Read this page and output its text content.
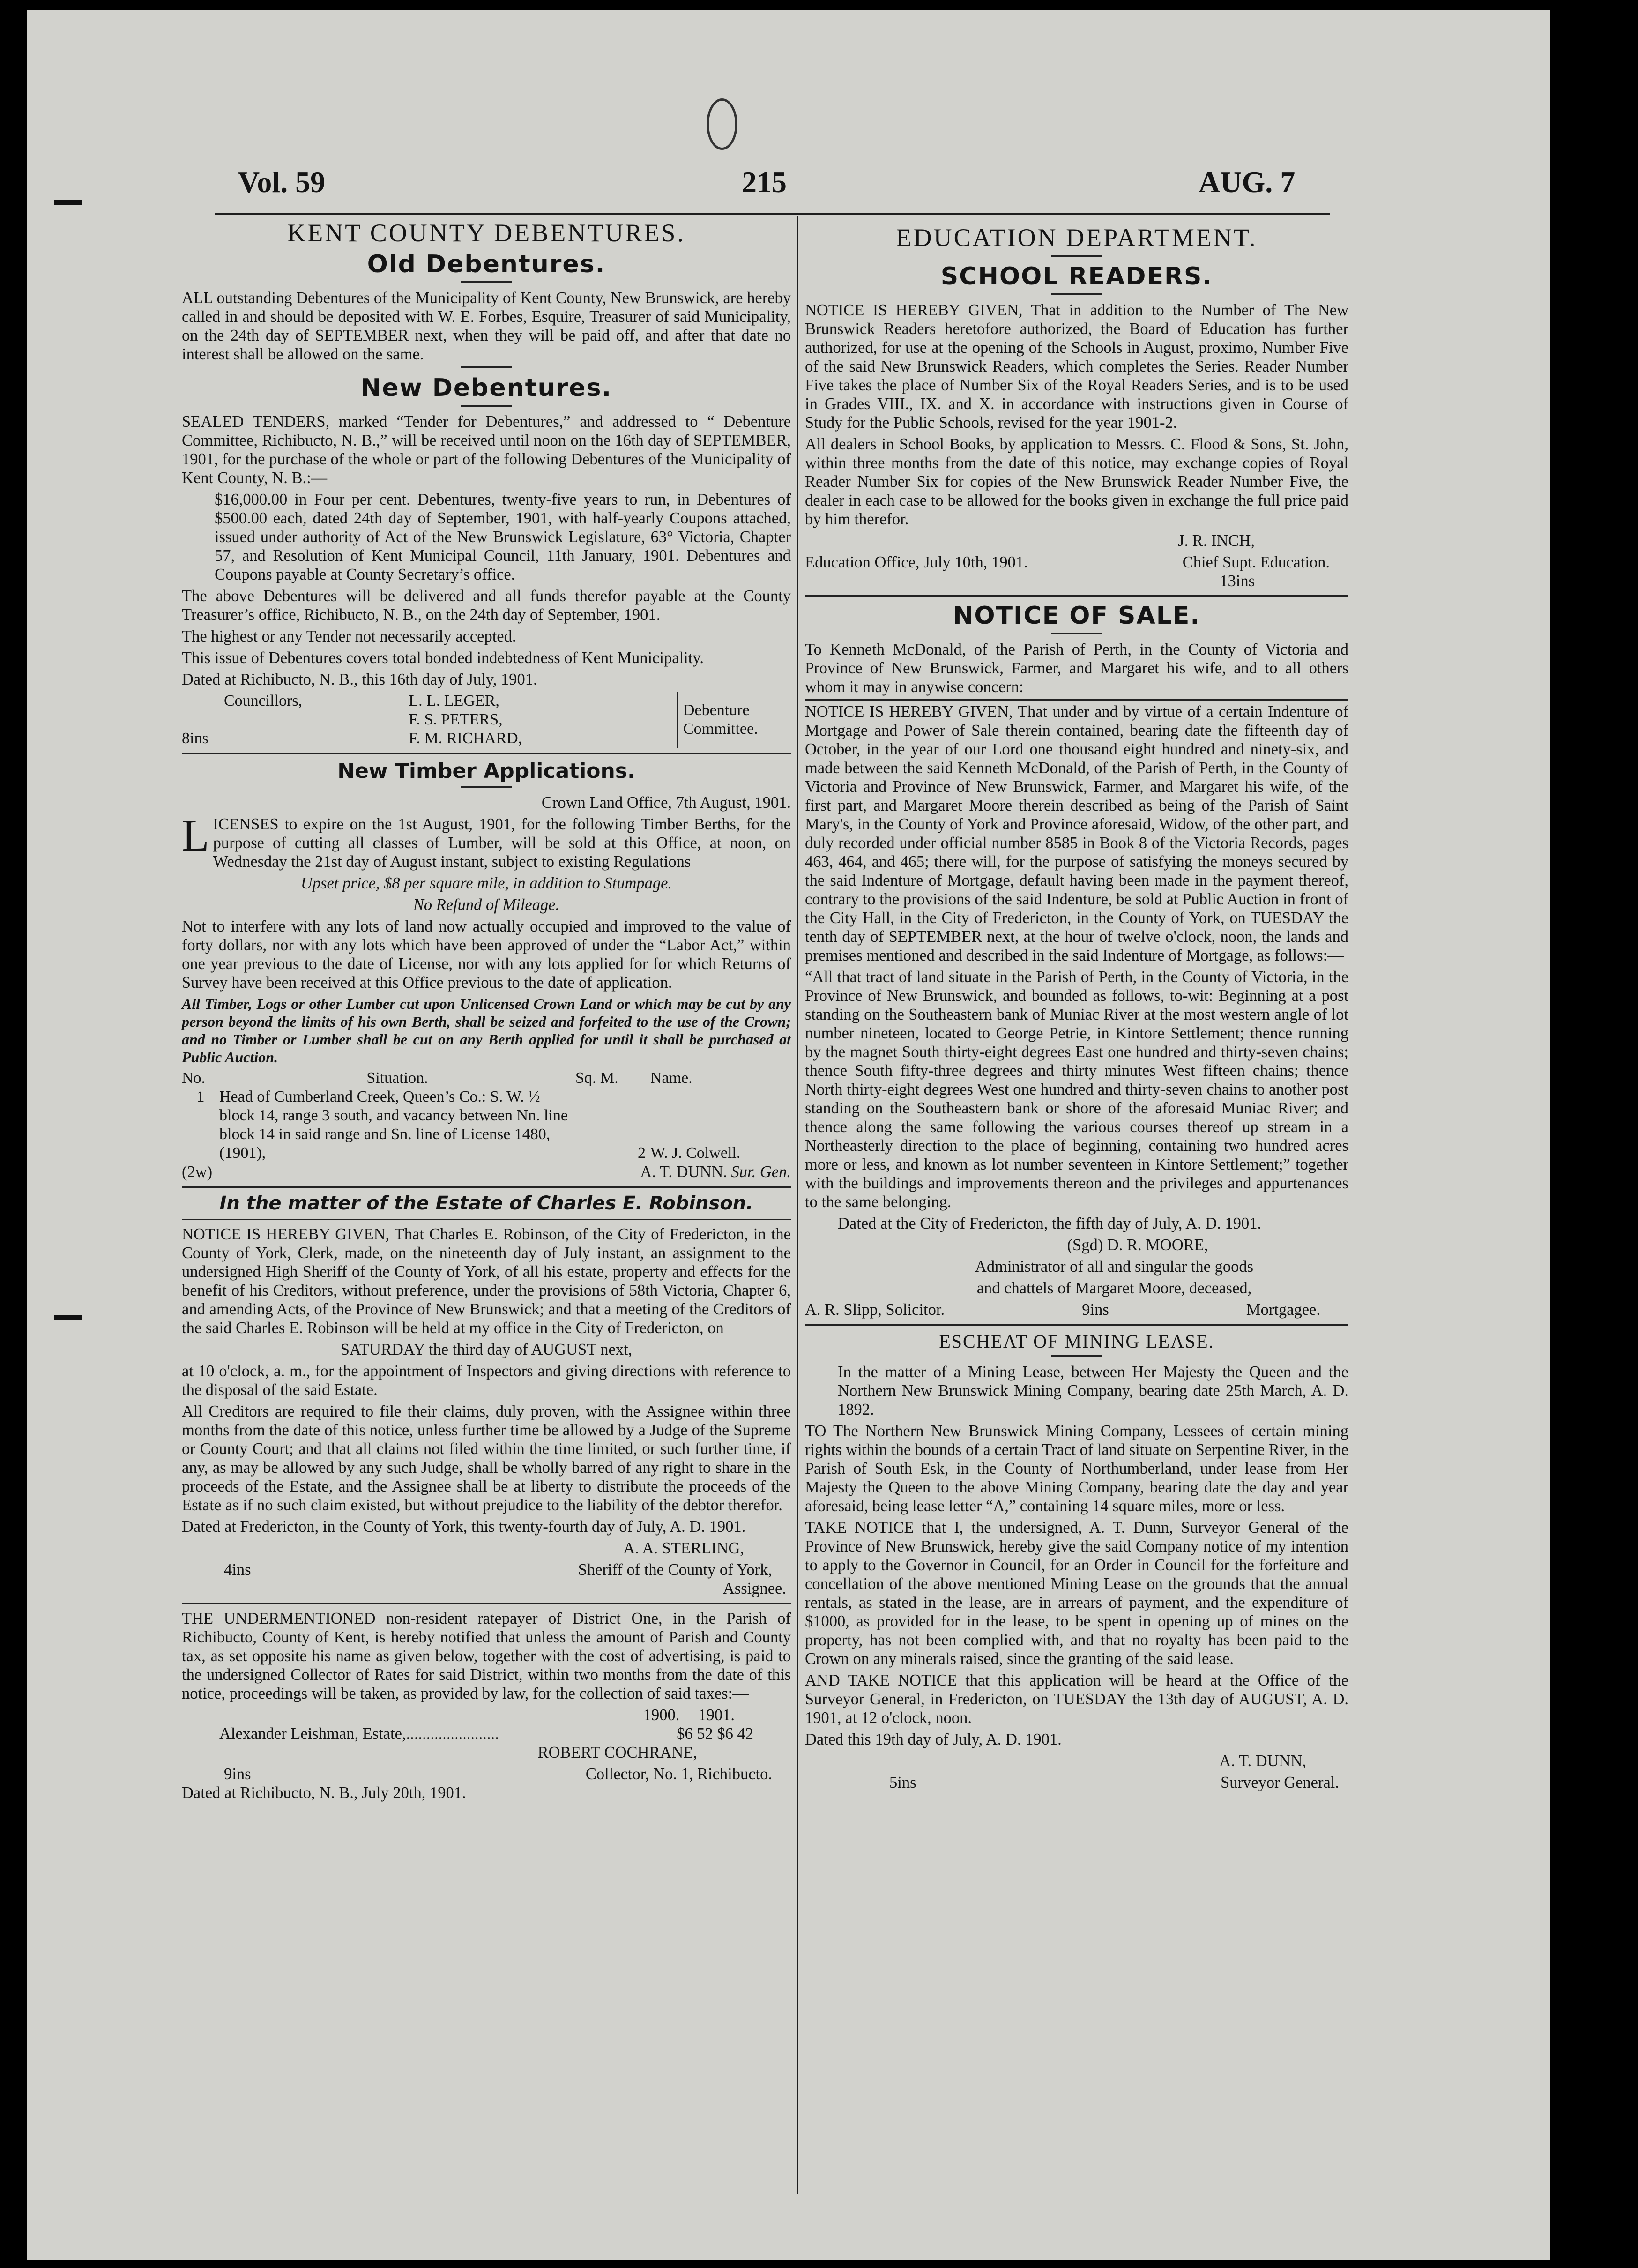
Vol. 59	215	AUG. 7
KENT COUNTY DEBENTURES.
Old Debentures.

ALL outstanding Debentures of the Municipality of Kent County, New Brunswick, are hereby called in and should be deposited with W. E. Forbes, Esquire, Treasurer of said Municipality, on the 24th day of SEPTEMBER next, when they will be paid off, and after that date no interest shall be allowed on the same.

New Debentures.

SEALED TENDERS, marked “Tender for Debentures,” and addressed to “ Debenture Committee, Richibucto, N. B.,” will be received until noon on the 16th day of SEPTEMBER, 1901, for the purchase of the whole or part of the following Debentures of the Municipality of Kent County, N. B.:—

$16,000.00 in Four per cent. Debentures, twenty-five years to run, in Debentures of $500.00 each, dated 24th day of September, 1901, with half-yearly Coupons attached, issued under authority of Act of the New Brunswick Legislature, 63° Victoria, Chapter 57, and Resolution of Kent Municipal Council, 11th January, 1901. Debentures and Coupons payable at County Secretary’s office.

The above Debentures will be delivered and all funds therefor payable at the County Treasurer’s office, Richibucto, N. B., on the 24th day of September, 1901.

The highest or any Tender not necessarily accepted.

This issue of Debentures covers total bonded indebtedness of Kent Municipality.

Dated at Richibucto, N. B., this 16th day of July, 1901.

	Councillors,	L. L. LEGER,	Debenture Committee.
		F. S. PETERS,	
8ins		F. M. RICHARD,	
New Timber Applications.

Crown Land Office, 7th August, 1901.

LICENSES to expire on the 1st August, 1901, for the following Timber Berths, for the purpose of cutting all classes of Lumber, will be sold at this Office, at noon, on Wednesday the 21st day of August instant, subject to existing Regulations

Upset price, $8 per square mile, in addition to Stumpage.

No Refund of Mileage.

Not to interfere with any lots of land now actually occupied and improved to the value of forty dollars, nor with any lots which have been approved of under the “Labor Act,” within one year previous to the date of License, nor with any lots applied for for which Returns of Survey have been received at this Office previous to the date of application.

All Timber, Logs or other Lumber cut upon Unlicensed Crown Land or which may be cut by any person beyond the limits of his own Berth, shall be seized and forfeited to the use of the Crown; and no Timber or Lumber shall be cut on any Berth applied for until it shall be purchased at Public Auction.

No.	Situation.	Sq. M.	Name.
1	Head of Cumberland Creek, Queen’s Co.: S. W. ½ block 14, range 3 south, and vacancy between Nn. line block 14 in said range and Sn. line of License 1480, (1901),	2	W. J. Colwell.
(2w)	A. T. DUNN. Sur. Gen.
In the matter of the Estate of Charles E. Robinson.

NOTICE IS HEREBY GIVEN, That Charles E. Robinson, of the City of Fredericton, in the County of York, Clerk, made, on the nineteenth day of July instant, an assignment to the undersigned High Sheriff of the County of York, of all his estate, property and effects for the benefit of his Creditors, without preference, under the provisions of 58th Victoria, Chapter 6, and amending Acts, of the Province of New Brunswick; and that a meeting of the Creditors of the said Charles E. Robinson will be held at my office in the City of Fredericton, on

SATURDAY the third day of AUGUST next,

at 10 o'clock, a. m., for the appointment of Inspectors and giving directions with reference to the disposal of the said Estate.

All Creditors are required to file their claims, duly proven, with the Assignee within three months from the date of this notice, unless further time be allowed by a Judge of the Supreme or County Court; and that all claims not filed within the time limited, or such further time, if any, as may be allowed by any such Judge, shall be wholly barred of any right to share in the proceeds of the Estate, and the Assignee shall be at liberty to distribute the proceeds of the Estate as if no such claim existed, but without prejudice to the liability of the debtor therefor.

Dated at Fredericton, in the County of York, this twenty-fourth day of July, A. D. 1901.

A. A. STERLING,

4ins	Sheriff of the County of York,

Assignee.

THE UNDERMENTIONED non-resident ratepayer of District One, in the Parish of Richibucto, County of Kent, is hereby notified that unless the amount of Parish and County tax, as set opposite his name as given below, together with the cost of advertising, is paid to the undersigned Collector of Rates for said District, within two months from the date of this notice, proceedings will be taken, as provided by law, for the collection of said taxes:—

1900. 1901.
Alexander Leishman, Estate,.......................	$6 52 $6 42

ROBERT COCHRANE,

9ins	Collector, No. 1, Richibucto.

Dated at Richibucto, N. B., July 20th, 1901.

EDUCATION DEPARTMENT.
SCHOOL READERS.

NOTICE IS HEREBY GIVEN, That in addition to the Number of The New Brunswick Readers heretofore authorized, the Board of Education has further authorized, for use at the opening of the Schools in August, proximo, Number Five of the said New Brunswick Readers, which completes the Series. Reader Number Five takes the place of Number Six of the Royal Readers Series, and is to be used in Grades VIII., IX. and X. in accordance with instructions given in Course of Study for the Public Schools, revised for the year 1901-2.

All dealers in School Books, by application to Messrs. C. Flood & Sons, St. John, within three months from the date of this notice, may exchange copies of Royal Reader Number Six for copies of the New Brunswick Reader Number Five, the dealer in each case to be allowed for the books given in exchange the full price paid by him therefor.

J. R. INCH,

Education Office, July 10th, 1901.	Chief Supt. Education.

13ins

NOTICE OF SALE.

To Kenneth McDonald, of the Parish of Perth, in the County of Victoria and Province of New Brunswick, Farmer, and Margaret his wife, and to all others whom it may in anywise concern:

NOTICE IS HEREBY GIVEN, That under and by virtue of a certain Indenture of Mortgage and Power of Sale therein contained, bearing date the fifteenth day of October, in the year of our Lord one thousand eight hundred and ninety-six, and made between the said Kenneth McDonald, of the Parish of Perth, in the County of Victoria and Province of New Brunswick, Farmer, and Margaret his wife, of the first part, and Margaret Moore therein described as being of the Parish of Saint Mary's, in the County of York and Province aforesaid, Widow, of the other part, and duly recorded under official number 8585 in Book 8 of the Victoria Records, pages 463, 464, and 465; there will, for the purpose of satisfying the moneys secured by the said Indenture of Mortgage, default having been made in the payment thereof, contrary to the provisions of the said Indenture, be sold at Public Auction in front of the City Hall, in the City of Fredericton, in the County of York, on TUESDAY the tenth day of SEPTEMBER next, at the hour of twelve o'clock, noon, the lands and premises mentioned and described in the said Indenture of Mortgage, as follows:—

“All that tract of land situate in the Parish of Perth, in the County of Victoria, in the Province of New Brunswick, and bounded as follows, to-wit: Beginning at a post standing on the Southeastern bank of Muniac River at the most western angle of lot number nineteen, located to George Petrie, in Kintore Settlement; thence running by the magnet South thirty-eight degrees East one hundred and thirty-seven chains; thence South fifty-three degrees and thirty minutes West fifteen chains; thence North thirty-eight degrees West one hundred and thirty-seven chains to another post standing on the Southeastern bank or shore of the aforesaid Muniac River; and thence along the same following the various courses thereof up stream in a Northeasterly direction to the place of beginning, containing two hundred acres more or less, and known as lot number seventeen in Kintore Settlement;” together with the buildings and improvements thereon and the privileges and appurtenances to the same belonging.

Dated at the City of Fredericton, the fifth day of July, A. D. 1901.

(Sgd) D. R. MOORE,

Administrator of all and singular the goods

and chattels of Margaret Moore, deceased,

A. R. Slipp, Solicitor.	9ins	Mortgagee.
ESCHEAT OF MINING LEASE.

In the matter of a Mining Lease, between Her Majesty the Queen and the Northern New Brunswick Mining Company, bearing date 25th March, A. D. 1892.

TO The Northern New Brunswick Mining Company, Lessees of certain mining rights within the bounds of a certain Tract of land situate on Serpentine River, in the Parish of South Esk, in the County of Northumberland, under lease from Her Majesty the Queen to the above Mining Company, bearing date the day and year aforesaid, being lease letter “A,” containing 14 square miles, more or less.

TAKE NOTICE that I, the undersigned, A. T. Dunn, Surveyor General of the Province of New Brunswick, hereby give the said Company notice of my intention to apply to the Governor in Council, for an Order in Council for the forfeiture and concellation of the above mentioned Mining Lease on the grounds that the annual rentals, as stated in the lease, are in arrears of payment, and the expenditure of $1000, as provided for in the lease, to be spent in opening up of mines on the property, has not been complied with, and that no royalty has been paid to the Crown on any minerals raised, since the granting of the said lease.

AND TAKE NOTICE that this application will be heard at the Office of the Surveyor General, in Fredericton, on TUESDAY the 13th day of AUGUST, A. D. 1901, at 12 o'clock, noon.

Dated this 19th day of July, A. D. 1901.

A. T. DUNN,

5ins	Surveyor General.
